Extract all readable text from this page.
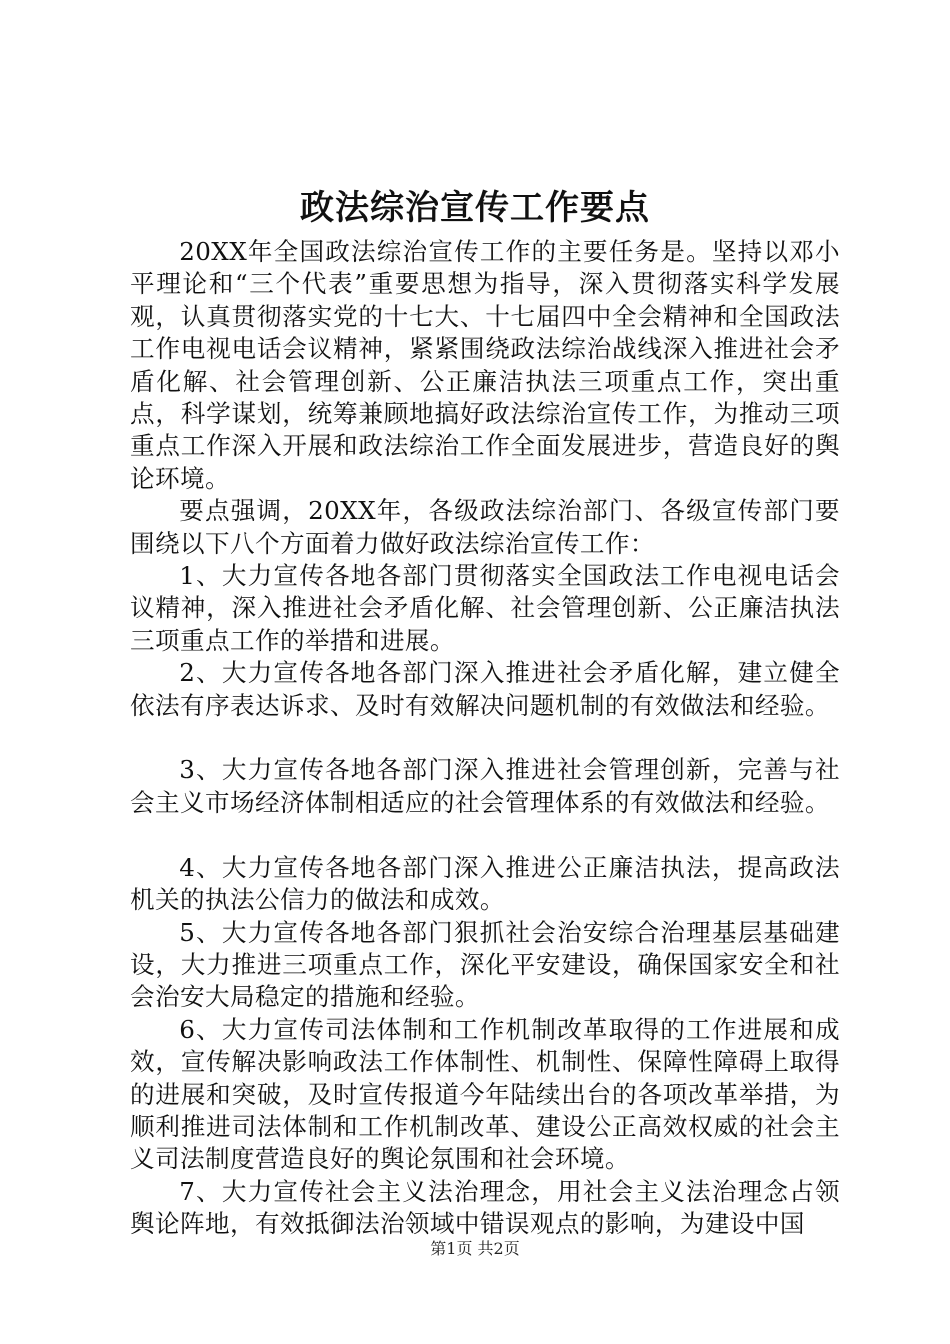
政法综治宣传工作要点

20XX年全国政法综治宣传工作的主要任务是。坚持以邓小平理论和“三个代表”重要思想为指导，深入贯彻落实科学发展观，认真贯彻落实党的十七大、十七届四中全会精神和全国政法工作电视电话会议精神，紧紧围绕政法综治战线深入推进社会矛盾化解、社会管理创新、公正廉洁执法三项重点工作，突出重点，科学谋划，统筹兼顾地搞好政法综治宣传工作，为推动三项重点工作深入开展和政法综治工作全面发展进步，营造良好的舆论环境。

要点强调，20XX年，各级政法综治部门、各级宣传部门要围绕以下八个方面着力做好政法综治宣传工作：

1、大力宣传各地各部门贯彻落实全国政法工作电视电话会议精神，深入推进社会矛盾化解、社会管理创新、公正廉洁执法三项重点工作的举措和进展。

2、大力宣传各地各部门深入推进社会矛盾化解，建立健全依法有序表达诉求、及时有效解决问题机制的有效做法和经验。

3、大力宣传各地各部门深入推进社会管理创新，完善与社会主义市场经济体制相适应的社会管理体系的有效做法和经验。

4、大力宣传各地各部门深入推进公正廉洁执法，提高政法机关的执法公信力的做法和成效。

5、大力宣传各地各部门狠抓社会治安综合治理基层基础建设，大力推进三项重点工作，深化平安建设，确保国家安全和社会治安大局稳定的措施和经验。

6、大力宣传司法体制和工作机制改革取得的工作进展和成效，宣传解决影响政法工作体制性、机制性、保障性障碍上取得的进展和突破，及时宣传报道今年陆续出台的各项改革举措，为顺利推进司法体制和工作机制改革、建设公正高效权威的社会主义司法制度营造良好的舆论氛围和社会环境。

7、大力宣传社会主义法治理念，用社会主义法治理念占领舆论阵地，有效抵御法治领域中错误观点的影响，为建设中国

第1页 共2页
